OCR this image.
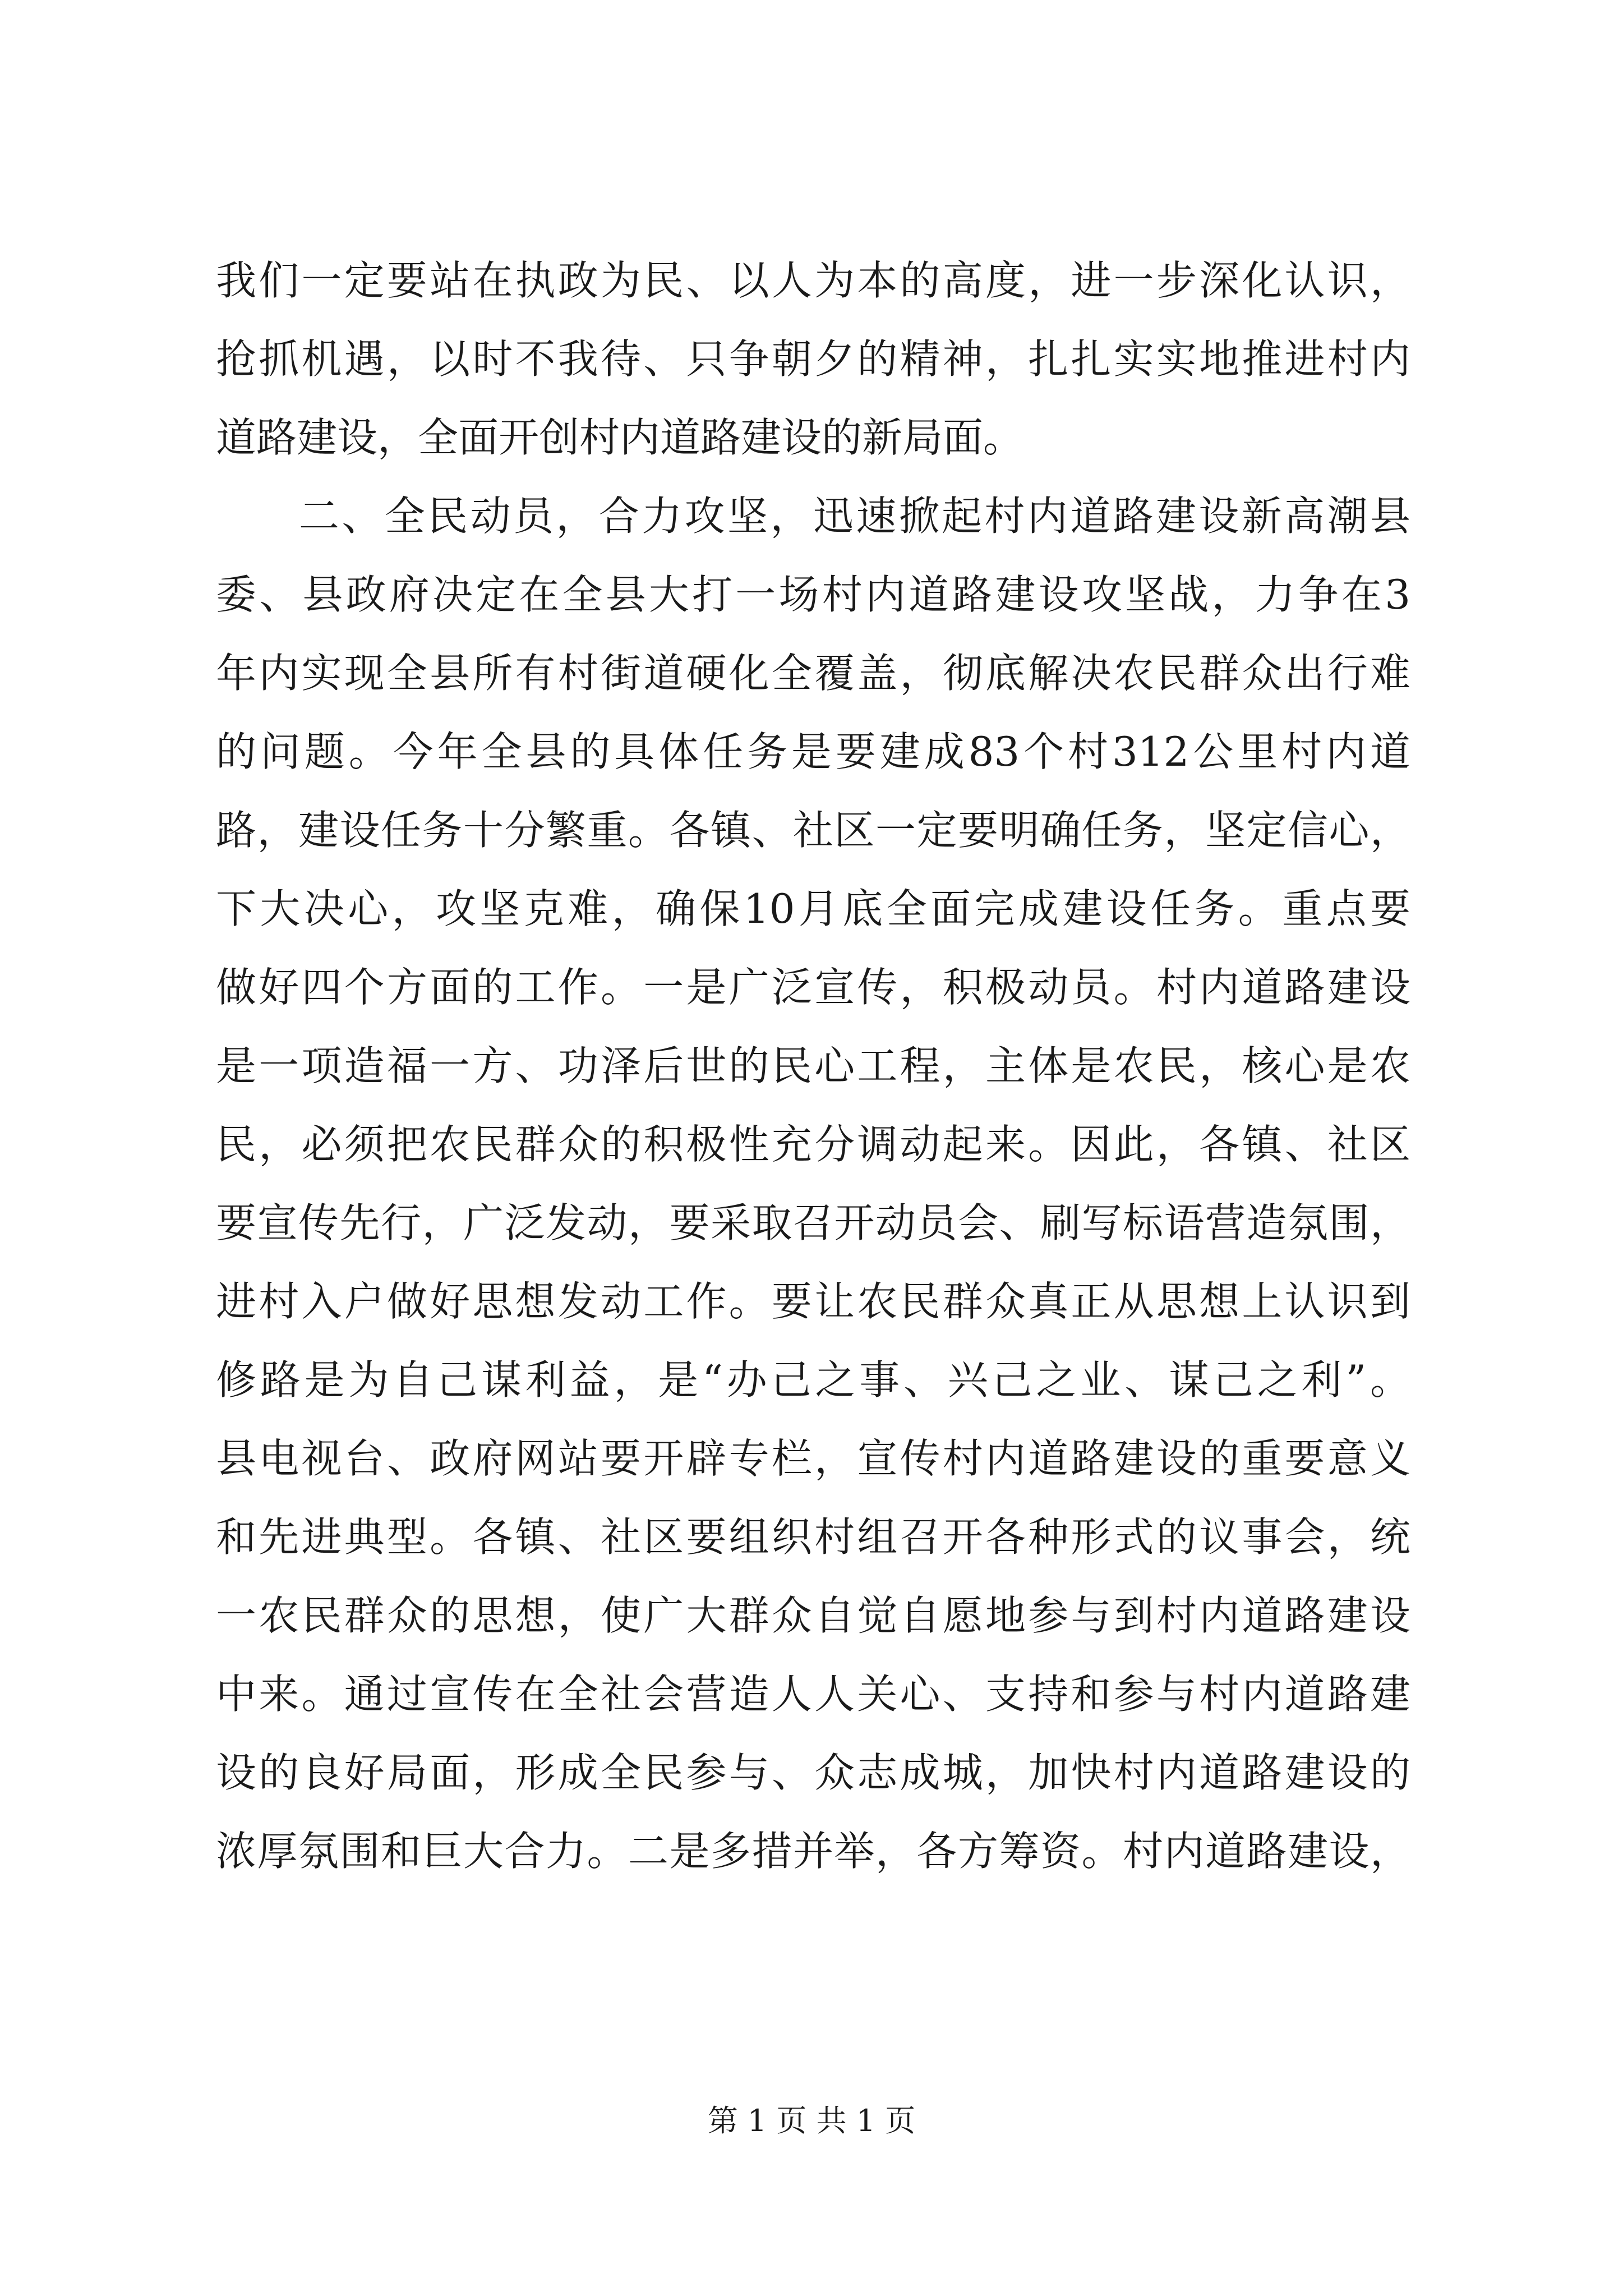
我们一定要站在执政为民、以人为本的高度，进一步深化认识，
抢抓机遇，以时不我待、只争朝夕的精神，扎扎实实地推进村内
道路建设，全面开创村内道路建设的新局面。
二、全民动员，合力攻坚，迅速掀起村内道路建设新高潮县
委、县政府决定在全县大打一场村内道路建设攻坚战，力争在3
年内实现全县所有村街道硬化全覆盖，彻底解决农民群众出行难
的问题。今年全县的具体任务是要建成83个村312公里村内道
路，建设任务十分繁重。各镇、社区一定要明确任务，坚定信心，
下大决心，攻坚克难，确保10月底全面完成建设任务。重点要
做好四个方面的工作。一是广泛宣传，积极动员。村内道路建设
是一项造福一方、功泽后世的民心工程，主体是农民，核心是农
民，必须把农民群众的积极性充分调动起来。因此，各镇、社区
要宣传先行，广泛发动，要采取召开动员会、刷写标语营造氛围，
进村入户做好思想发动工作。要让农民群众真正从思想上认识到
修路是为自己谋利益，是“办己之事、兴己之业、谋己之利”。
县电视台、政府网站要开辟专栏，宣传村内道路建设的重要意义
和先进典型。各镇、社区要组织村组召开各种形式的议事会，统
一农民群众的思想，使广大群众自觉自愿地参与到村内道路建设
中来。通过宣传在全社会营造人人关心、支持和参与村内道路建
设的良好局面，形成全民参与、众志成城，加快村内道路建设的
浓厚氛围和巨大合力。二是多措并举，各方筹资。村内道路建设，
第 1 页 共 1 页
